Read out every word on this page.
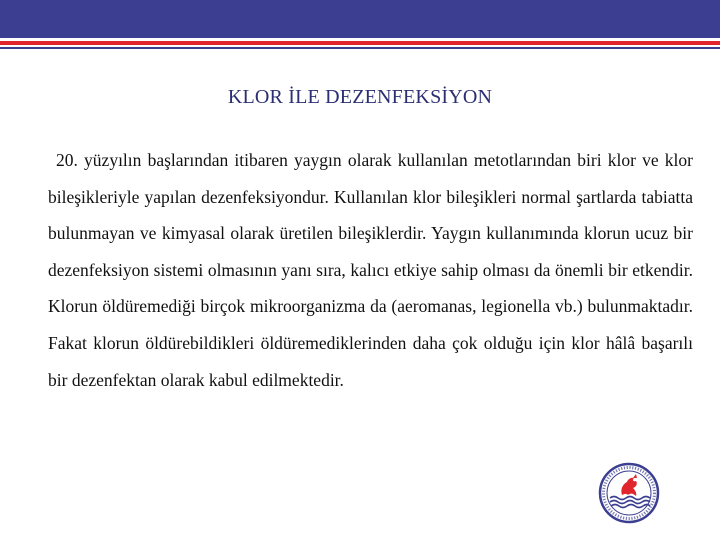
KLOR İLE DEZENFEKSİYON
20. yüzyılın başlarından itibaren yaygın olarak kullanılan metotlarından biri klor ve klor bileşikleriyle yapılan dezenfeksiyondur. Kullanılan klor bileşikleri normal şartlarda tabiatta bulunmayan ve kimyasal olarak üretilen bileşiklerdir. Yaygın kullanımında klorun ucuz bir dezenfeksiyon sistemi olmasının yanı sıra, kalıcı etkiye sahip olması da önemli bir etkendir. Klorun öldüremediği birçok mikroorganizma da (aeromanas, legionella vb.) bulunmaktadır. Fakat klorun öldürebildikleri öldüremediklerinden daha çok olduğu için klor hâlâ başarılı bir dezenfektan olarak kabul edilmektedir.
